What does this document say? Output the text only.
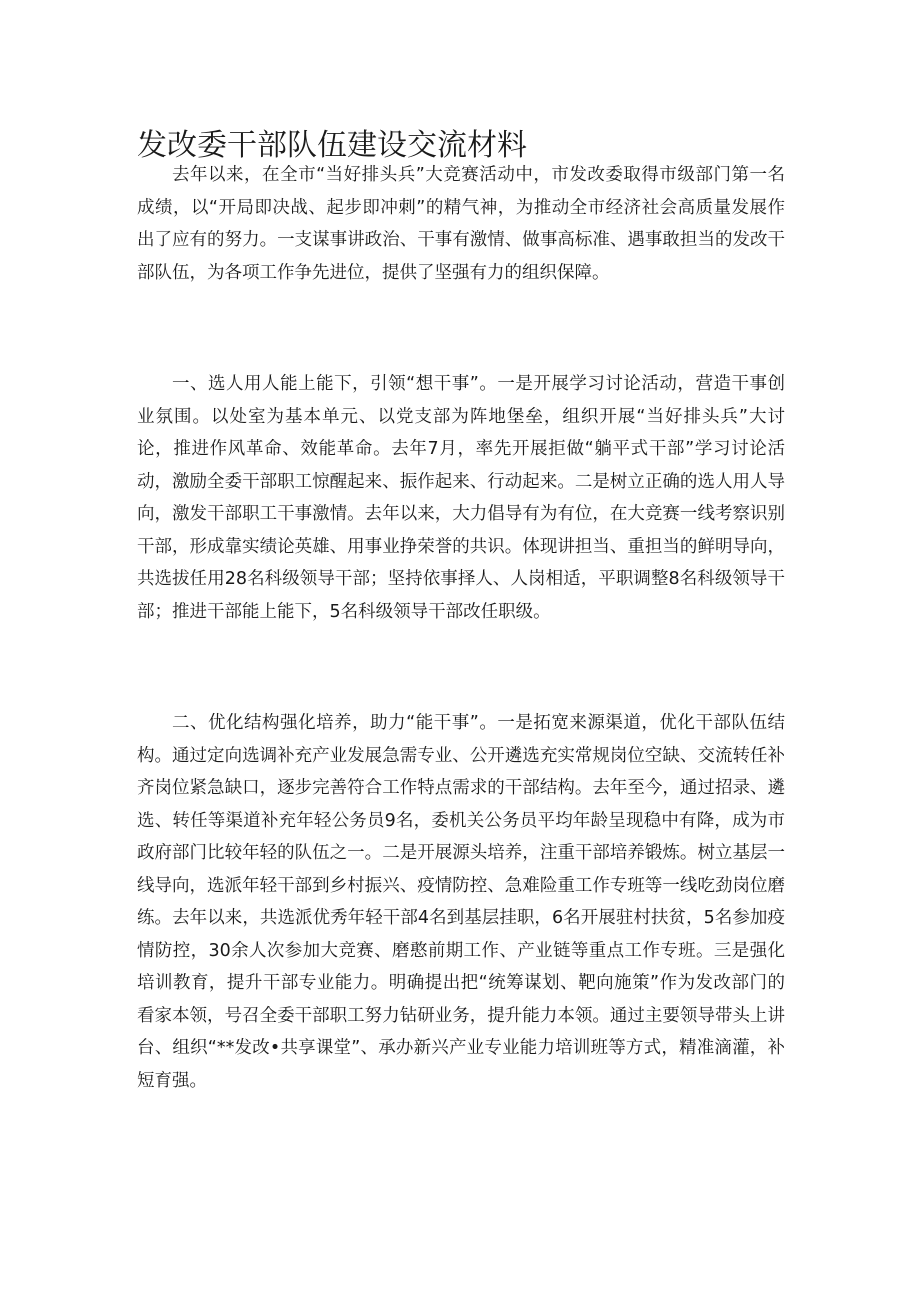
发改委干部队伍建设交流材料

去年以来，在全市“当好排头兵”大竞赛活动中，市发改委取得市级部门第一名成绩，以“开局即决战、起步即冲刺”的精气神，为推动全市经济社会高质量发展作出了应有的努力。一支谋事讲政治、干事有激情、做事高标准、遇事敢担当的发改干部队伍，为各项工作争先进位，提供了坚强有力的组织保障。

一、选人用人能上能下，引领“想干事”。一是开展学习讨论活动，营造干事创业氛围。以处室为基本单元、以党支部为阵地堡垒，组织开展“当好排头兵”大讨论，推进作风革命、效能革命。去年7月，率先开展拒做“躺平式干部”学习讨论活动，激励全委干部职工惊醒起来、振作起来、行动起来。二是树立正确的选人用人导向，激发干部职工干事激情。去年以来，大力倡导有为有位，在大竞赛一线考察识别干部，形成靠实绩论英雄、用事业挣荣誉的共识。体现讲担当、重担当的鲜明导向，共选拔任用28名科级领导干部；坚持依事择人、人岗相适，平职调整8名科级领导干部；推进干部能上能下，5名科级领导干部改任职级。

二、优化结构强化培养，助力“能干事”。一是拓宽来源渠道，优化干部队伍结构。通过定向选调补充产业发展急需专业、公开遴选充实常规岗位空缺、交流转任补齐岗位紧急缺口，逐步完善符合工作特点需求的干部结构。去年至今，通过招录、遴选、转任等渠道补充年轻公务员9名，委机关公务员平均年龄呈现稳中有降，成为市政府部门比较年轻的队伍之一。二是开展源头培养，注重干部培养锻炼。树立基层一线导向，选派年轻干部到乡村振兴、疫情防控、急难险重工作专班等一线吃劲岗位磨练。去年以来，共选派优秀年轻干部4名到基层挂职，6名开展驻村扶贫，5名参加疫情防控，30余人次参加大竞赛、磨憨前期工作、产业链等重点工作专班。三是强化培训教育，提升干部专业能力。明确提出把“统筹谋划、靶向施策”作为发改部门的看家本领，号召全委干部职工努力钻研业务，提升能力本领。通过主要领导带头上讲台、组织“**发改•共享课堂”、承办新兴产业专业能力培训班等方式，精准滴灌，补短育强。
